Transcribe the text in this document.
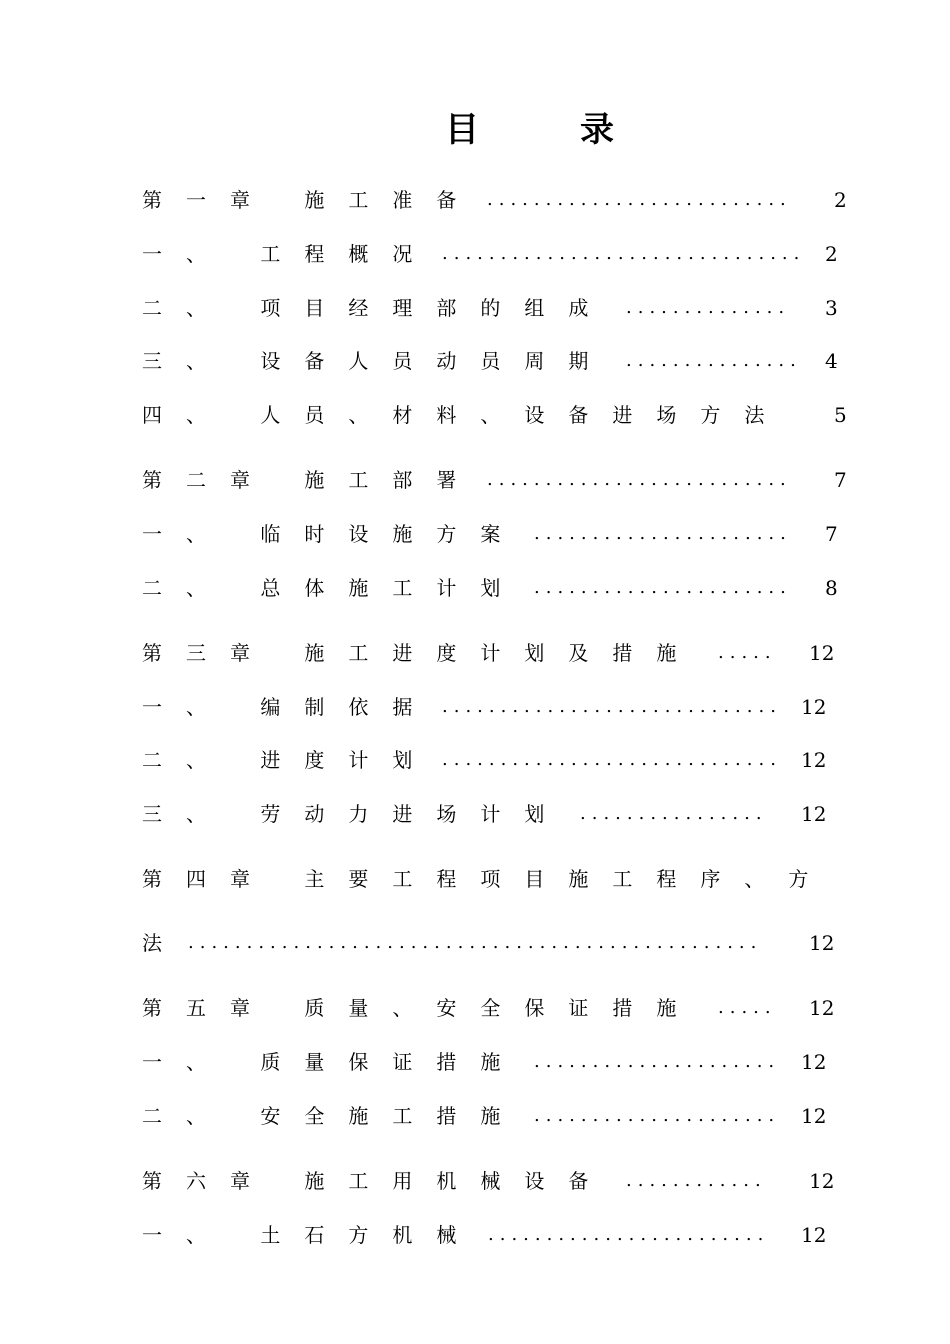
目	录
第一章 施工准备 .......................... 2
一、 工程概况 ............................... 2
二、 项目经理部的组成 .............. 3
三、 设备人员动员周期 ............... 4
四、 人员、材料、设备进场方法 5
第二章 施工部署 .......................... 7
一、 临时设施方案 ...................... 7
二、 总体施工计划 ...................... 8
第三章 施工进度计划及措施 ..... 12
一、 编制依据 ............................. 12
二、 进度计划 ............................. 12
三、 劳动力进场计划 ................ 12
第四章 主要工程项目施工程序、方
法 ................................................. 12
第五章 质量、安全保证措施 ..... 12
一、 质量保证措施 ..................... 12
二、 安全施工措施 ..................... 12
第六章 施工用机械设备 ............ 12
一、 土石方机械 ........................ 12
